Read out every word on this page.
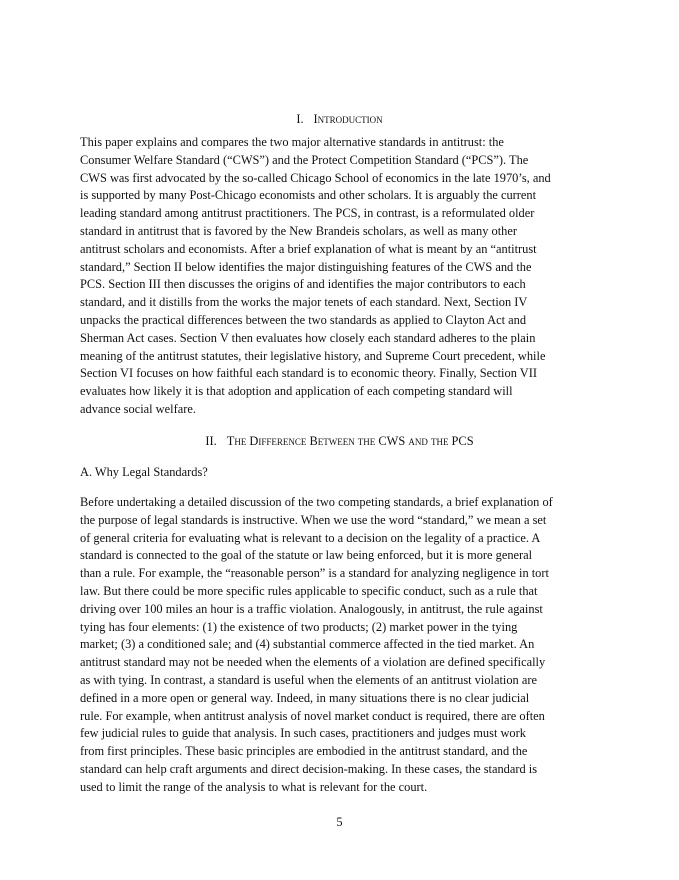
I. Introduction
This paper explains and compares the two major alternative standards in antitrust: the
Consumer Welfare Standard (“CWS”) and the Protect Competition Standard (“PCS”). The
CWS was first advocated by the so-called Chicago School of economics in the late 1970’s, and
is supported by many Post-Chicago economists and other scholars. It is arguably the current
leading standard among antitrust practitioners. The PCS, in contrast, is a reformulated older
standard in antitrust that is favored by the New Brandeis scholars, as well as many other
antitrust scholars and economists. After a brief explanation of what is meant by an “antitrust
standard,” Section II below identifies the major distinguishing features of the CWS and the
PCS. Section III then discusses the origins of and identifies the major contributors to each
standard, and it distills from the works the major tenets of each standard. Next, Section IV
unpacks the practical differences between the two standards as applied to Clayton Act and
Sherman Act cases. Section V then evaluates how closely each standard adheres to the plain
meaning of the antitrust statutes, their legislative history, and Supreme Court precedent, while
Section VI focuses on how faithful each standard is to economic theory. Finally, Section VII
evaluates how likely it is that adoption and application of each competing standard will
advance social welfare.
II. The Difference Between the CWS and the PCS
A. Why Legal Standards?
Before undertaking a detailed discussion of the two competing standards, a brief explanation of
the purpose of legal standards is instructive. When we use the word “standard,” we mean a set
of general criteria for evaluating what is relevant to a decision on the legality of a practice. A
standard is connected to the goal of the statute or law being enforced, but it is more general
than a rule. For example, the “reasonable person” is a standard for analyzing negligence in tort
law. But there could be more specific rules applicable to specific conduct, such as a rule that
driving over 100 miles an hour is a traffic violation. Analogously, in antitrust, the rule against
tying has four elements: (1) the existence of two products; (2) market power in the tying
market; (3) a conditioned sale; and (4) substantial commerce affected in the tied market. An
antitrust standard may not be needed when the elements of a violation are defined specifically
as with tying. In contrast, a standard is useful when the elements of an antitrust violation are
defined in a more open or general way. Indeed, in many situations there is no clear judicial
rule. For example, when antitrust analysis of novel market conduct is required, there are often
few judicial rules to guide that analysis. In such cases, practitioners and judges must work
from first principles. These basic principles are embodied in the antitrust standard, and the
standard can help craft arguments and direct decision-making. In these cases, the standard is
used to limit the range of the analysis to what is relevant for the court.
5
